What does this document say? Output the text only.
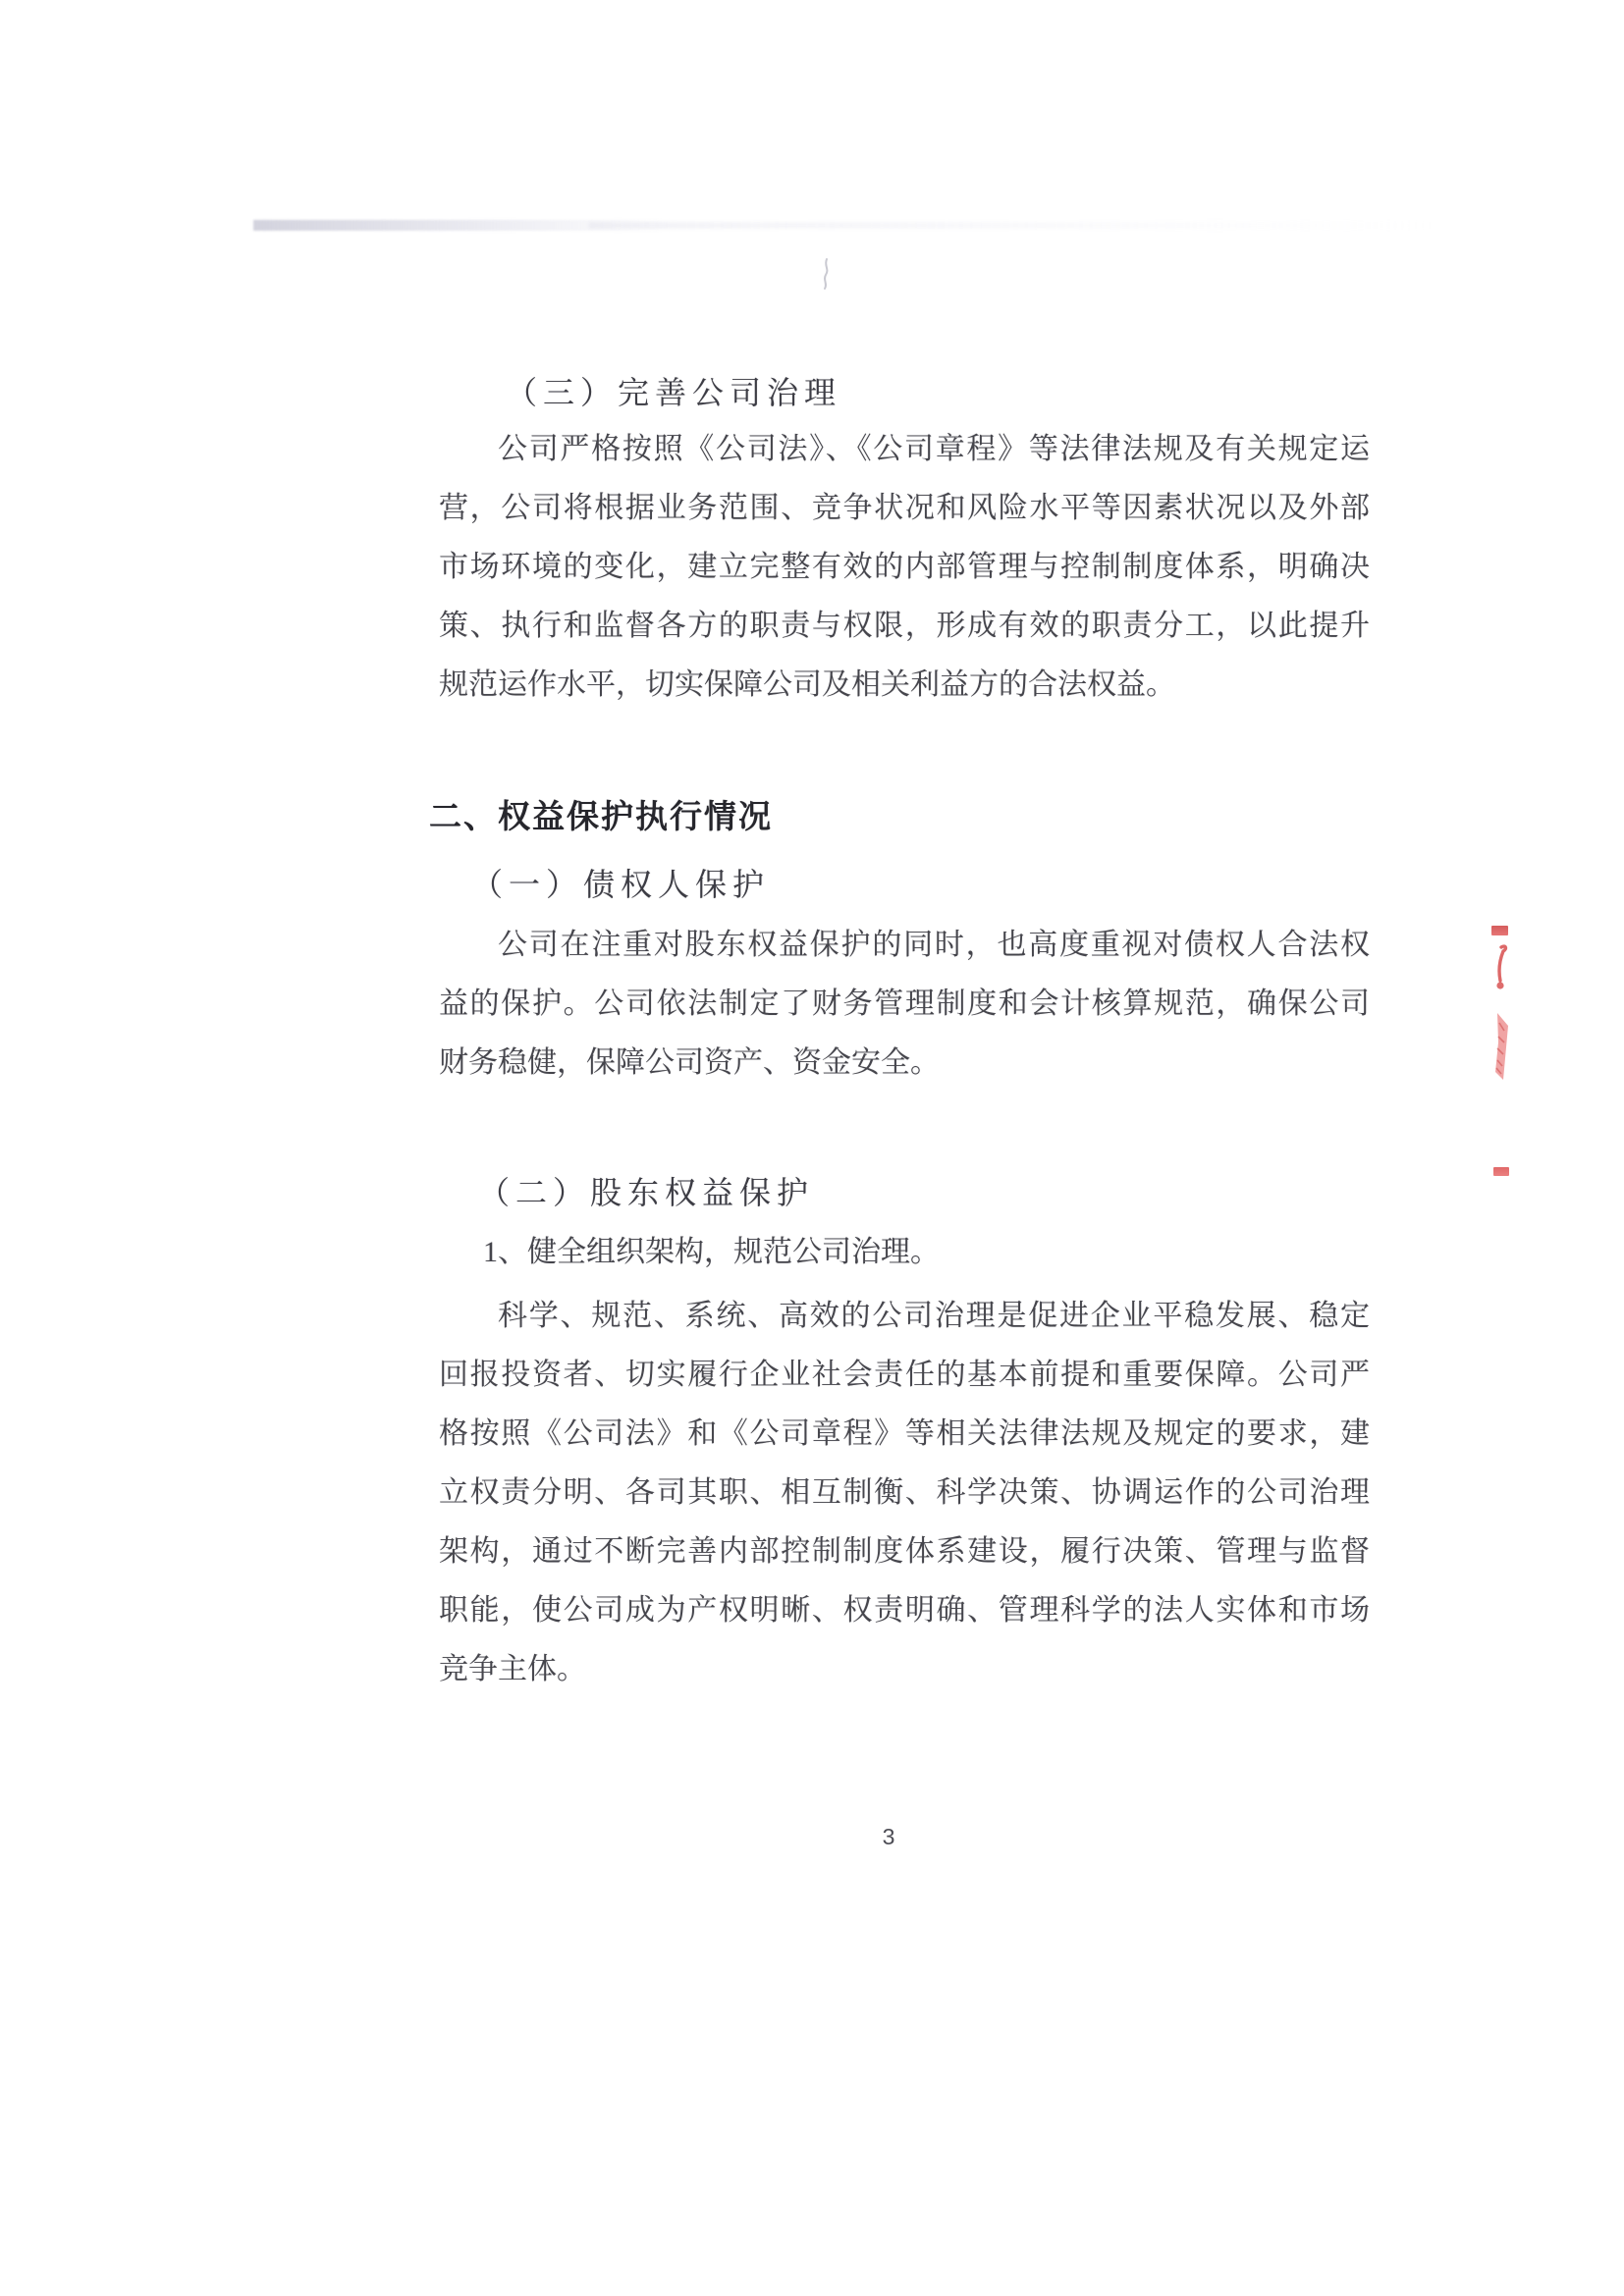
（三）完善公司治理
公司严格按照《公司法》、《公司章程》等法律法规及有关规定运
营，公司将根据业务范围、竞争状况和风险水平等因素状况以及外部
市场环境的变化，建立完整有效的内部管理与控制制度体系，明确决
策、执行和监督各方的职责与权限，形成有效的职责分工，以此提升
规范运作水平，切实保障公司及相关利益方的合法权益。
二、权益保护执行情况
（一）债权人保护
公司在注重对股东权益保护的同时，也高度重视对债权人合法权
益的保护。公司依法制定了财务管理制度和会计核算规范，确保公司
财务稳健，保障公司资产、资金安全。
（二）股东权益保护
1、健全组织架构，规范公司治理。
科学、规范、系统、高效的公司治理是促进企业平稳发展、稳定
回报投资者、切实履行企业社会责任的基本前提和重要保障。公司严
格按照《公司法》和《公司章程》等相关法律法规及规定的要求，建
立权责分明、各司其职、相互制衡、科学决策、协调运作的公司治理
架构，通过不断完善内部控制制度体系建设，履行决策、管理与监督
职能，使公司成为产权明晰、权责明确、管理科学的法人实体和市场
竞争主体。
3
